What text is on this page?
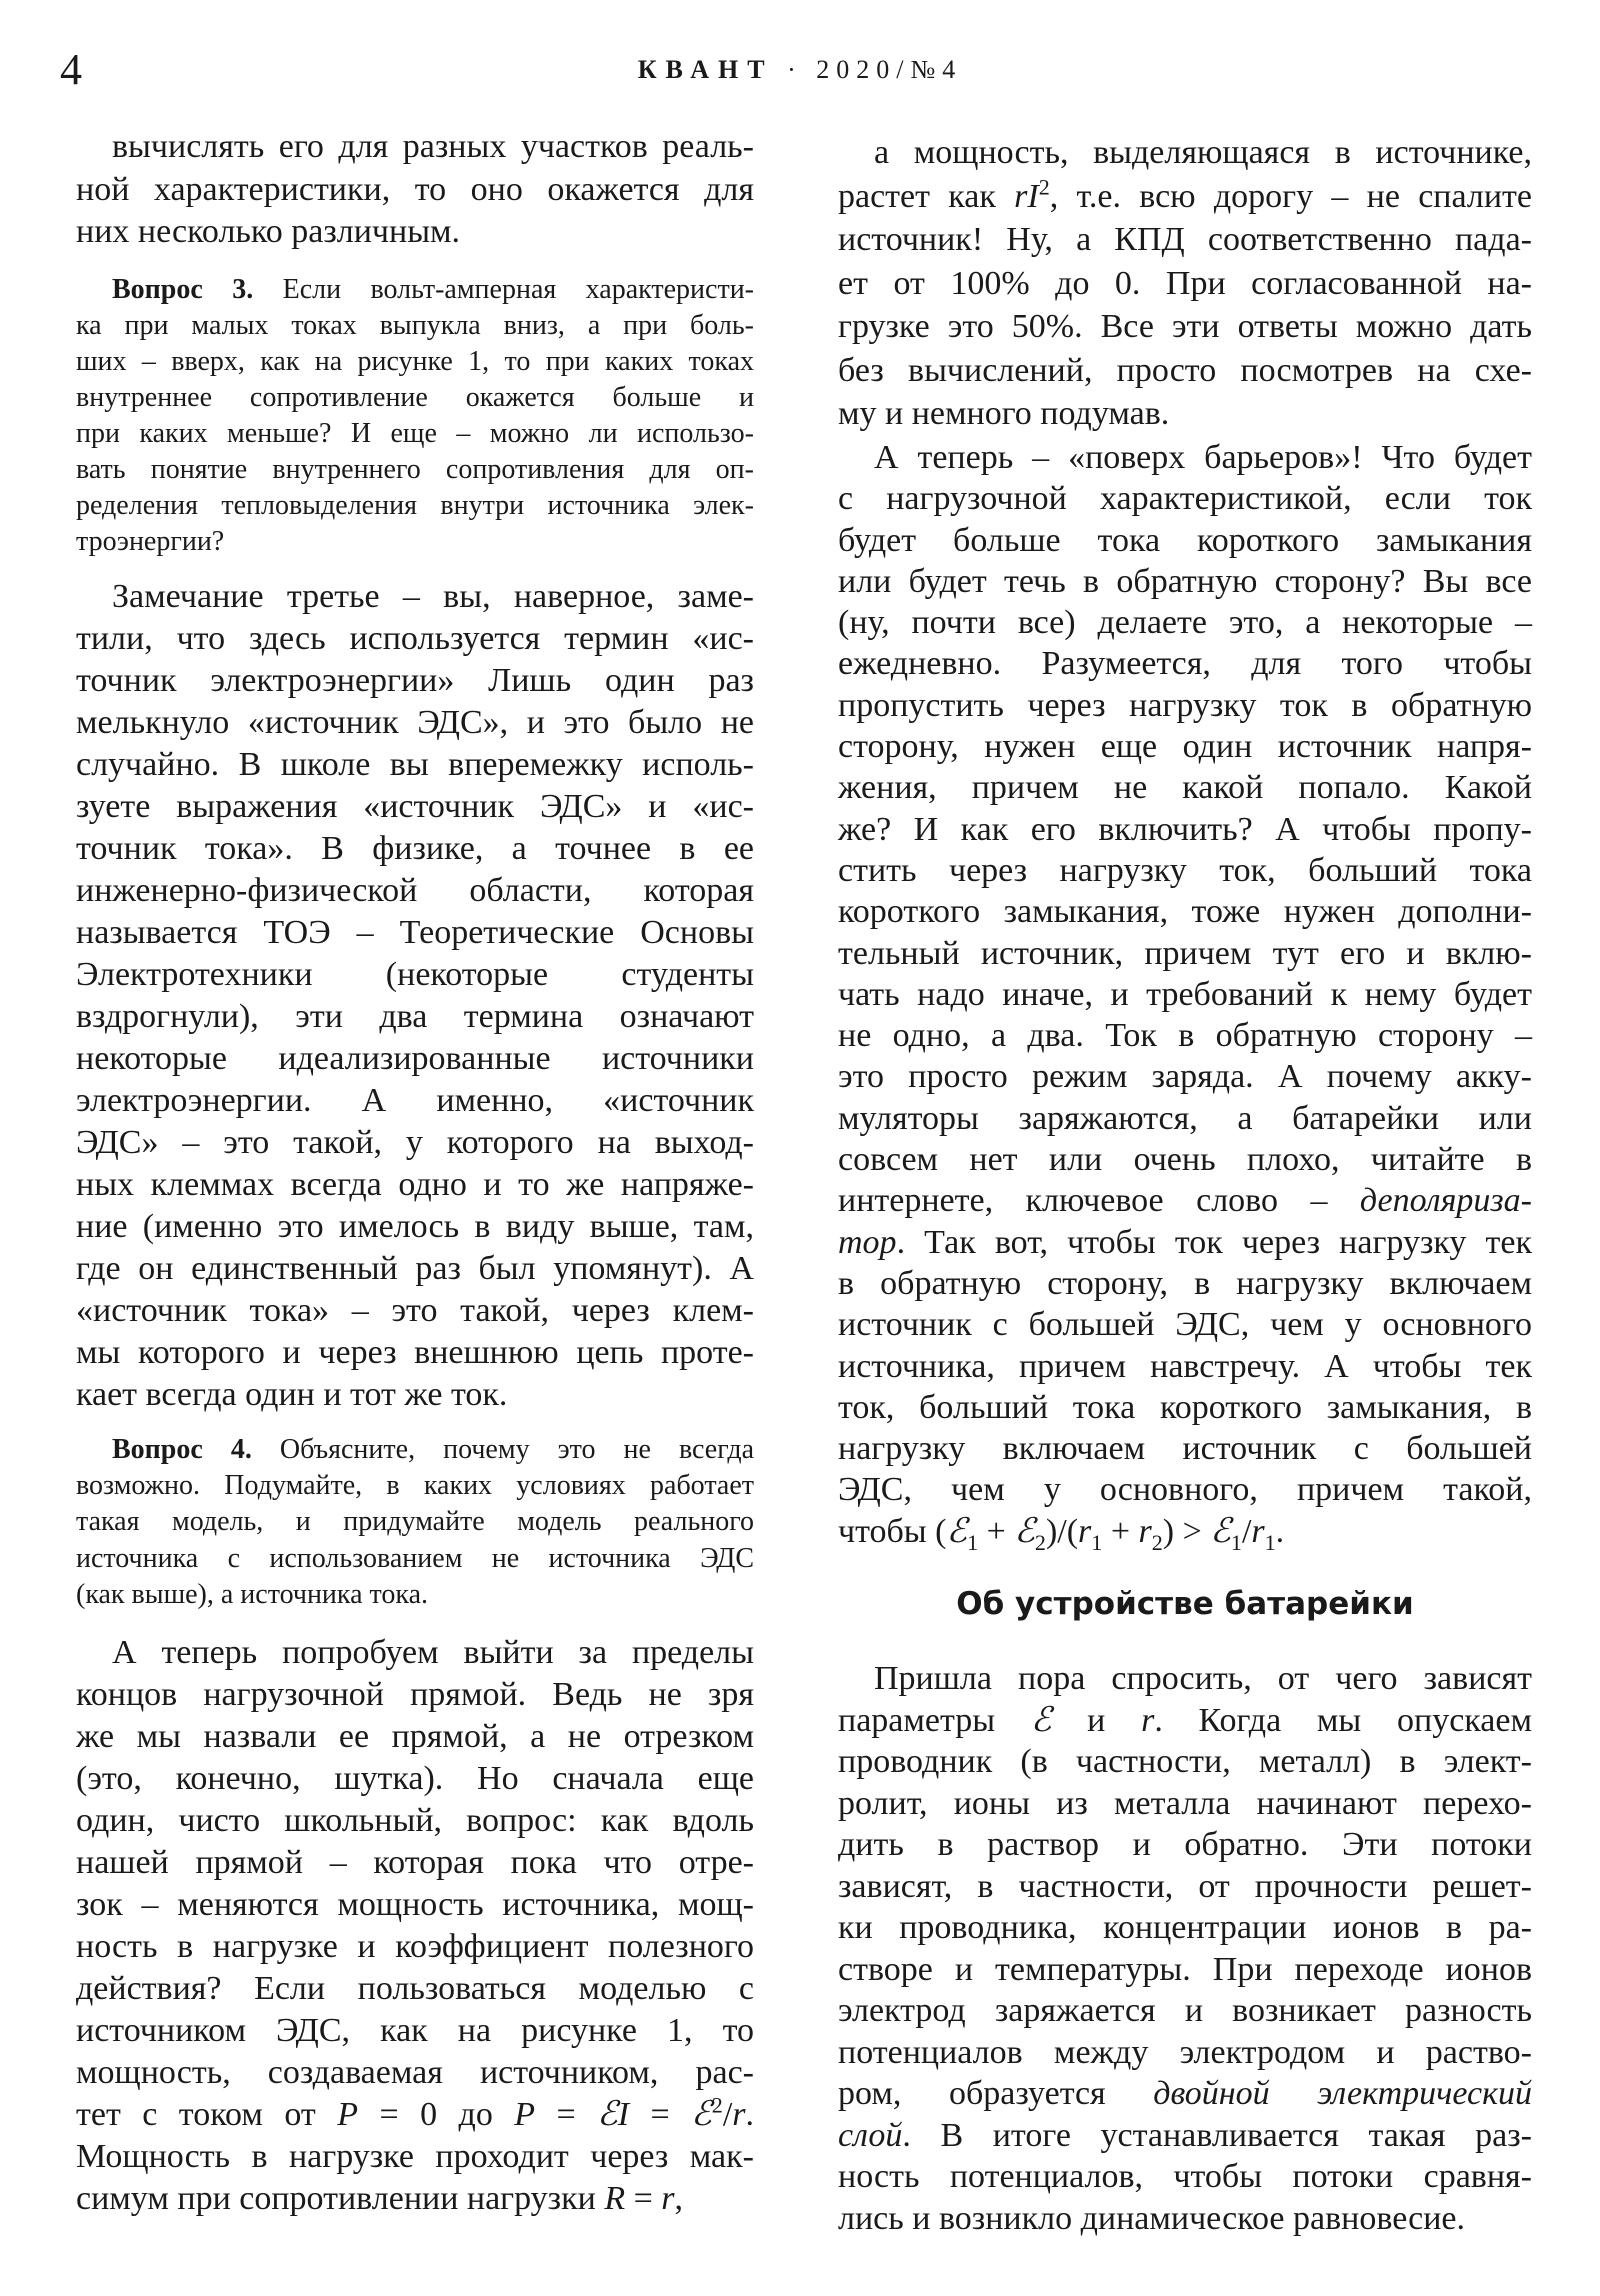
4	КВАНТ · 2020/№4
вычислять его для разных участков реаль-
ной характеристики, то оно окажется для
них несколько различным.
Вопрос 3. Если вольт-амперная характеристи-
ка при малых токах выпукла вниз, а при боль-
ших – вверх, как на рисунке 1, то при каких токах
внутреннее сопротивление окажется больше и
при каких меньше? И еще – можно ли использо-
вать понятие внутреннего сопротивления для оп-
ределения тепловыделения внутри источника элек-
троэнергии?
Замечание третье – вы, наверное, заме-
тили, что здесь используется термин «ис-
точник электроэнергии» Лишь один раз
мелькнуло «источник ЭДС», и это было не
случайно. В школе вы вперемежку исполь-
зуете выражения «источник ЭДС» и «ис-
точник тока». В физике, а точнее в ее
инженерно-физической области, которая
называется ТОЭ – Теоретические Основы
Электротехники (некоторые студенты
вздрогнули), эти два термина означают
некоторые идеализированные источники
электроэнергии. А именно, «источник
ЭДС» – это такой, у которого на выход-
ных клеммах всегда одно и то же напряже-
ние (именно это имелось в виду выше, там,
где он единственный раз был упомянут). А
«источник тока» – это такой, через клем-
мы которого и через внешнюю цепь проте-
кает всегда один и тот же ток.
Вопрос 4. Объясните, почему это не всегда
возможно. Подумайте, в каких условиях работает
такая модель, и придумайте модель реального
источника с использованием не источника ЭДС
(как выше), а источника тока.
А теперь попробуем выйти за пределы
концов нагрузочной прямой. Ведь не зря
же мы назвали ее прямой, а не отрезком
(это, конечно, шутка). Но сначала еще
один, чисто школьный, вопрос: как вдоль
нашей прямой – которая пока что отре-
зок – меняются мощность источника, мощ-
ность в нагрузке и коэффициент полезного
действия? Если пользоваться моделью с
источником ЭДС, как на рисунке 1, то
мощность, создаваемая источником, рас-
тет с током от P = 0 до P = ℰI = ℰ$^2$/r.
Мощность в нагрузке проходит через мак-
симум при сопротивлении нагрузки R = r,
а мощность, выделяющаяся в источнике,
растет как $rI^2$, т.е. всю дорогу – не спалите
источник! Ну, а КПД соответственно пада-
ет от 100% до 0. При согласованной на-
грузке это 50%. Все эти ответы можно дать
без вычислений, просто посмотрев на схе-
му и немного подумав.
А теперь – «поверх барьеров»! Что будет
с нагрузочной характеристикой, если ток
будет больше тока короткого замыкания
или будет течь в обратную сторону? Вы все
(ну, почти все) делаете это, а некоторые –
ежедневно. Разумеется, для того чтобы
пропустить через нагрузку ток в обратную
сторону, нужен еще один источник напря-
жения, причем не какой попало. Какой
же? И как его включить? А чтобы пропу-
стить через нагрузку ток, больший тока
короткого замыкания, тоже нужен дополни-
тельный источник, причем тут его и вклю-
чать надо иначе, и требований к нему будет
не одно, а два. Ток в обратную сторону –
это просто режим заряда. А почему акку-
муляторы заряжаются, а батарейки или
совсем нет или очень плохо, читайте в
интернете, ключевое слово – деполяриза-
тор. Так вот, чтобы ток через нагрузку тек
в обратную сторону, в нагрузку включаем
источник с большей ЭДС, чем у основного
источника, причем навстречу. А чтобы тек
ток, больший тока короткого замыкания, в
нагрузку включаем источник с большей
ЭДС, чем у основного, причем такой,
чтобы (ℰ$_1$ + $ℰ_2)/(r_1 + r_2)$ > $ℰ_1/r_1$.
Пришла пора спросить, от чего зависят
параметры ℰ и r. Когда мы опускаем
проводник (в частности, металл) в элект-
ролит, ионы из металла начинают перехо-
дить в раствор и обратно. Эти потоки
зависят, в частности, от прочности решет-
ки проводника, концентрации ионов в ра-
створе и температуры. При переходе ионов
электрод заряжается и возникает разность
потенциалов между электродом и раство-
ром, образуется двойной электрический
слой. В итоге устанавливается такая раз-
ность потенциалов, чтобы потоки сравня-
лись и возникло динамическое равновесие.
Об устройстве батарейки
